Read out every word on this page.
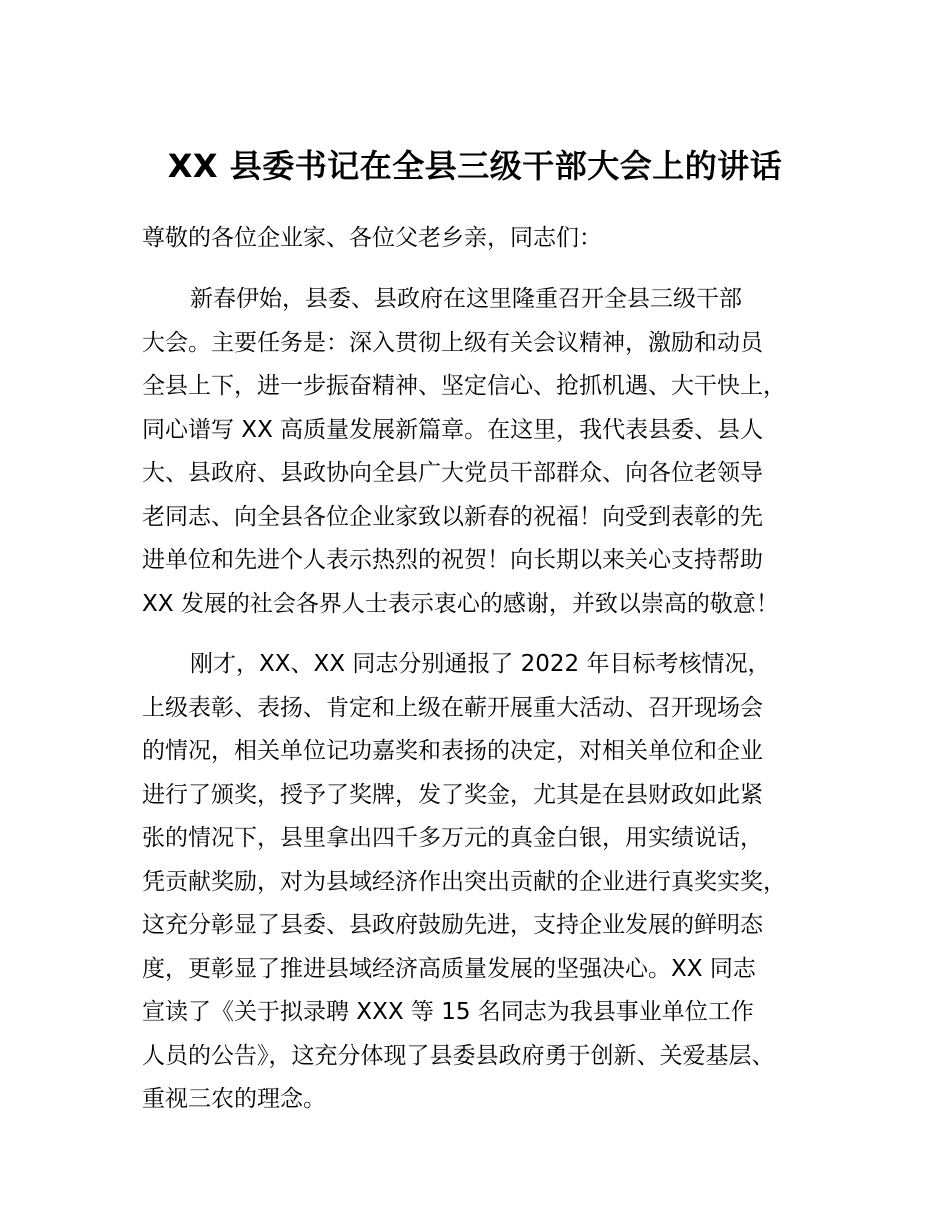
XX 县委书记在全县三级干部大会上的讲话
尊敬的各位企业家、各位父老乡亲，同志们：
新春伊始，县委、县政府在这里隆重召开全县三级干部
大会。主要任务是：深入贯彻上级有关会议精神，激励和动员
全县上下，进一步振奋精神、坚定信心、抢抓机遇、大干快上，
同心谱写 XX 高质量发展新篇章。在这里，我代表县委、县人
大、县政府、县政协向全县广大党员干部群众、向各位老领导
老同志、向全县各位企业家致以新春的祝福！向受到表彰的先
进单位和先进个人表示热烈的祝贺！向长期以来关心支持帮助
XX 发展的社会各界人士表示衷心的感谢，并致以崇高的敬意！
刚才，XX、XX 同志分别通报了 2022 年目标考核情况，
上级表彰、表扬、肯定和上级在蕲开展重大活动、召开现场会
的情况，相关单位记功嘉奖和表扬的决定，对相关单位和企业
进行了颁奖，授予了奖牌，发了奖金，尤其是在县财政如此紧
张的情况下，县里拿出四千多万元的真金白银，用实绩说话，
凭贡献奖励，对为县域经济作出突出贡献的企业进行真奖实奖，
这充分彰显了县委、县政府鼓励先进，支持企业发展的鲜明态
度，更彰显了推进县域经济高质量发展的坚强决心。XX 同志
宣读了《关于拟录聘 XXX 等 15 名同志为我县事业单位工作
人员的公告》，这充分体现了县委县政府勇于创新、关爱基层、
重视三农的理念。
